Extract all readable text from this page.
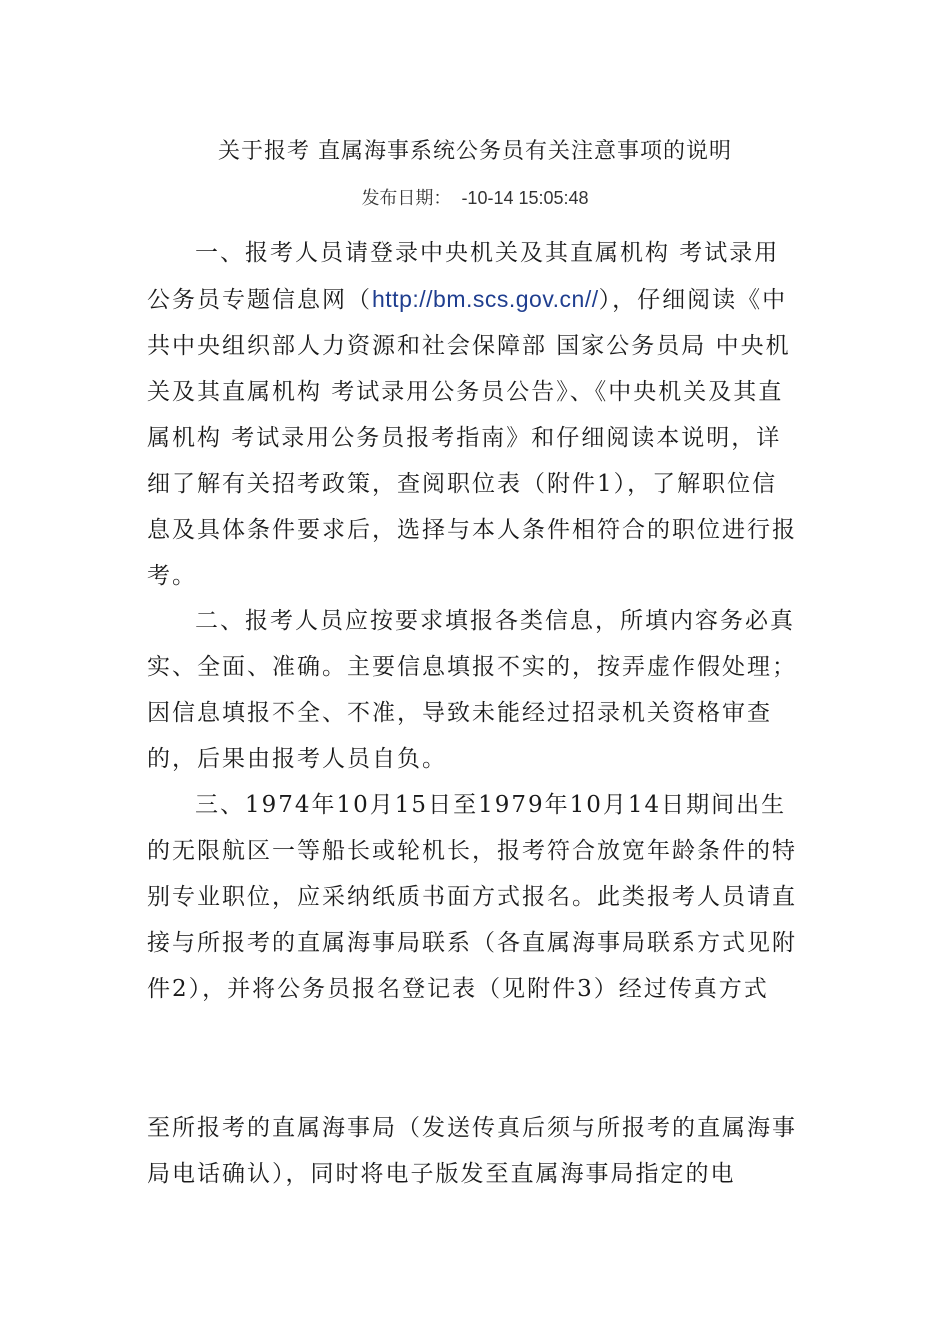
关于报考 直属海事系统公务员有关注意事项的说明
发布日期： -10-14 15:05:48

一、报考人员请登录中央机关及其直属机构 考试录用公务员专题信息网（http://bm.scs.gov.cn//），仔细阅读《中共中央组织部人力资源和社会保障部 国家公务员局 中央机关及其直属机构 考试录用公务员公告》、《中央机关及其直属机构 考试录用公务员报考指南》和仔细阅读本说明，详细了解有关招考政策，查阅职位表（附件1），了解职位信息及具体条件要求后，选择与本人条件相符合的职位进行报考。

二、报考人员应按要求填报各类信息，所填内容务必真实、全面、准确。主要信息填报不实的，按弄虚作假处理；因信息填报不全、不准，导致未能经过招录机关资格审查的，后果由报考人员自负。

三、1974年10月15日至1979年10月14日期间出生的无限航区一等船长或轮机长，报考符合放宽年龄条件的特别专业职位，应采纳纸质书面方式报名。此类报考人员请直接与所报考的直属海事局联系（各直属海事局联系方式见附件2），并将公务员报名登记表（见附件3）经过传真方式

至所报考的直属海事局（发送传真后须与所报考的直属海事局电话确认），同时将电子版发至直属海事局指定的电
